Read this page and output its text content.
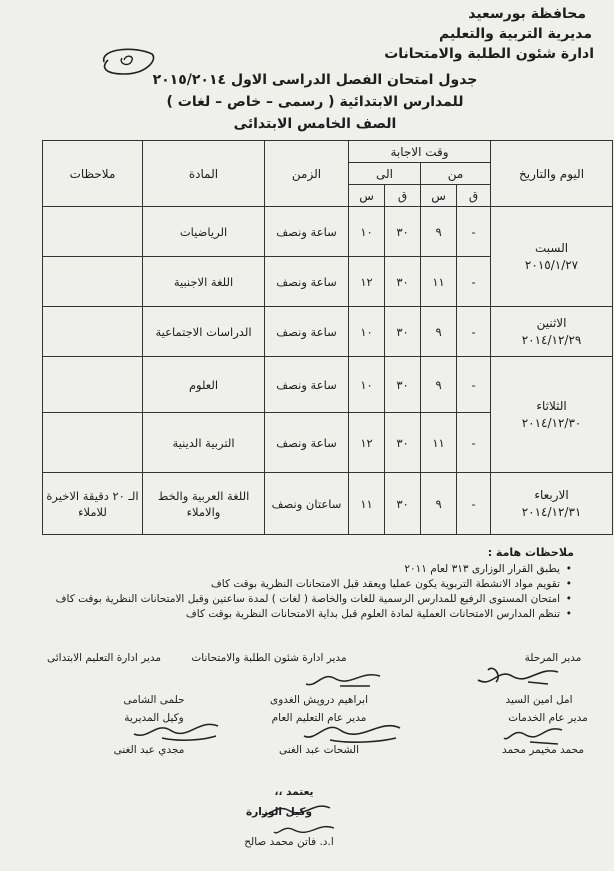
محافظة بورسعيد
مديرية التربية والتعليم
ادارة شئون الطلبة والامتحانات
جدول امتحان الفصل الدراسى الاول ٢٠١٥/٢٠١٤
للمدارس الابتدائية ( رسمى – خاص – لغات )
الصف الخامس الابتدائى
اليوم والتاريخ	وقت الاجابة				الزمن	المادة	ملاحظات
	من		الى				
	ق	س	ق	س			

السبت
٢٠١٥/١/٢٧	-	٩	٣٠	١٠	ساعة ونصف	الرياضيات	
	-	١١	٣٠	١٢	ساعة ونصف	اللغة الاجنبية	

الاثنين
٢٠١٤/١٢/٢٩	-	٩	٣٠	١٠	ساعة ونصف	الدراسات الاجتماعية	

الثلاثاء
٢٠١٤/١٢/٣٠	-	٩	٣٠	١٠	ساعة ونصف	العلوم	
	-	١١	٣٠	١٢	ساعة ونصف	التربية الدينية	

الاربعاء
٢٠١٤/١٢/٣١	-	٩	٣٠	١١	ساعتان ونصف	اللغة العربية والخط والاملاء	الـ ٢٠ دقيقة الاخيرة للاملاء
ملاحظات هامة :
• يطبق القرار الوزارى ٣١٣ لعام ٢٠١١
• تقويم مواد الانشطة التربوية يكون عمليا ويعقد قبل الامتحانات النظرية بوقت كاف
• امتحان المستوى الرفيع للمدارس الرسمية للغات والخاصة ( لغات ) لمدة ساعتين وقبل الامتحانات النظرية بوقت كاف
• تنظم المدارس الامتحانات العملية لمادة العلوم قبل بداية الامتحانات النظرية بوقت كاف
مدير المرحلة
مدير ادارة شئون الطلبة والامتحانات
مدير ادارة التعليم الابتدائى
امل امين السيد
ابراهيم درويش الغدوى
حلمى الشامى
مدير عام الخدمات
مدير عام التعليم العام
وكيل المديرية
محمد مخيمر محمد
الشحات عبد الغنى
مجدي عبد الغنى
يعتمد ،،
وكيل الوزارة
ا.د. فاتن محمد صالح
